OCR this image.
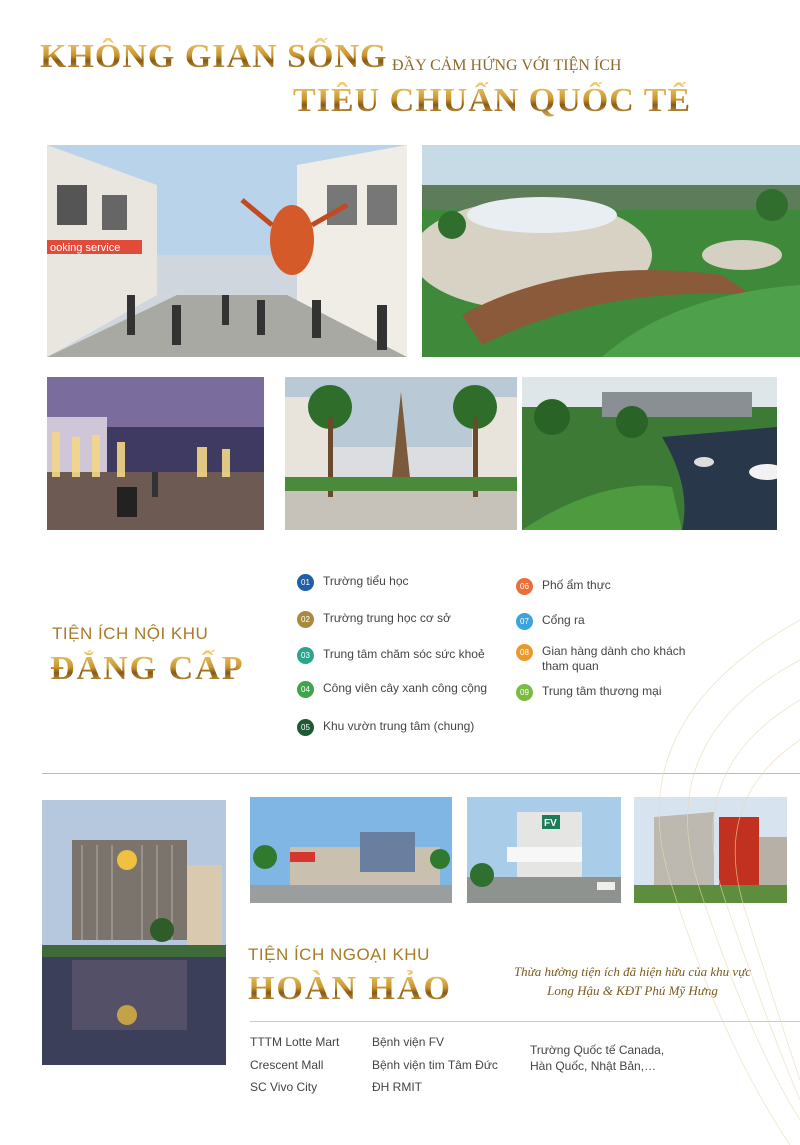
KHÔNG GIAN SỐNG ĐẦY CẢM HỨNG VỚI TIỆN ÍCH
TIÊU CHUẨN QUỐC TẾ
ooking service
TIỆN ÍCH NỘI KHU
ĐẲNG CẤP
01	Trường tiểu học
02	Trường trung học cơ sở
03	Trung tâm chăm sóc sức khoẻ
04	Công viên cây xanh công cộng
05	Khu vườn trung tâm (chung)
06	Phố ẩm thực
07	Cổng ra
08	Gian hàng dành cho khách tham quan
09	Trung tâm thương mại
FV
TIỆN ÍCH NGOẠI KHU
HOÀN HẢO	Thừa hưởng tiện ích đã hiện hữu của khu vực
Long Hậu & KĐT Phú Mỹ Hưng
TTTM Lotte Mart
Crescent Mall
SC Vivo City
Bệnh viện FV
Bệnh viện tim Tâm Đức
ĐH RMIT
Trường Quốc tế Canada,
Hàn Quốc, Nhật Bản,…
